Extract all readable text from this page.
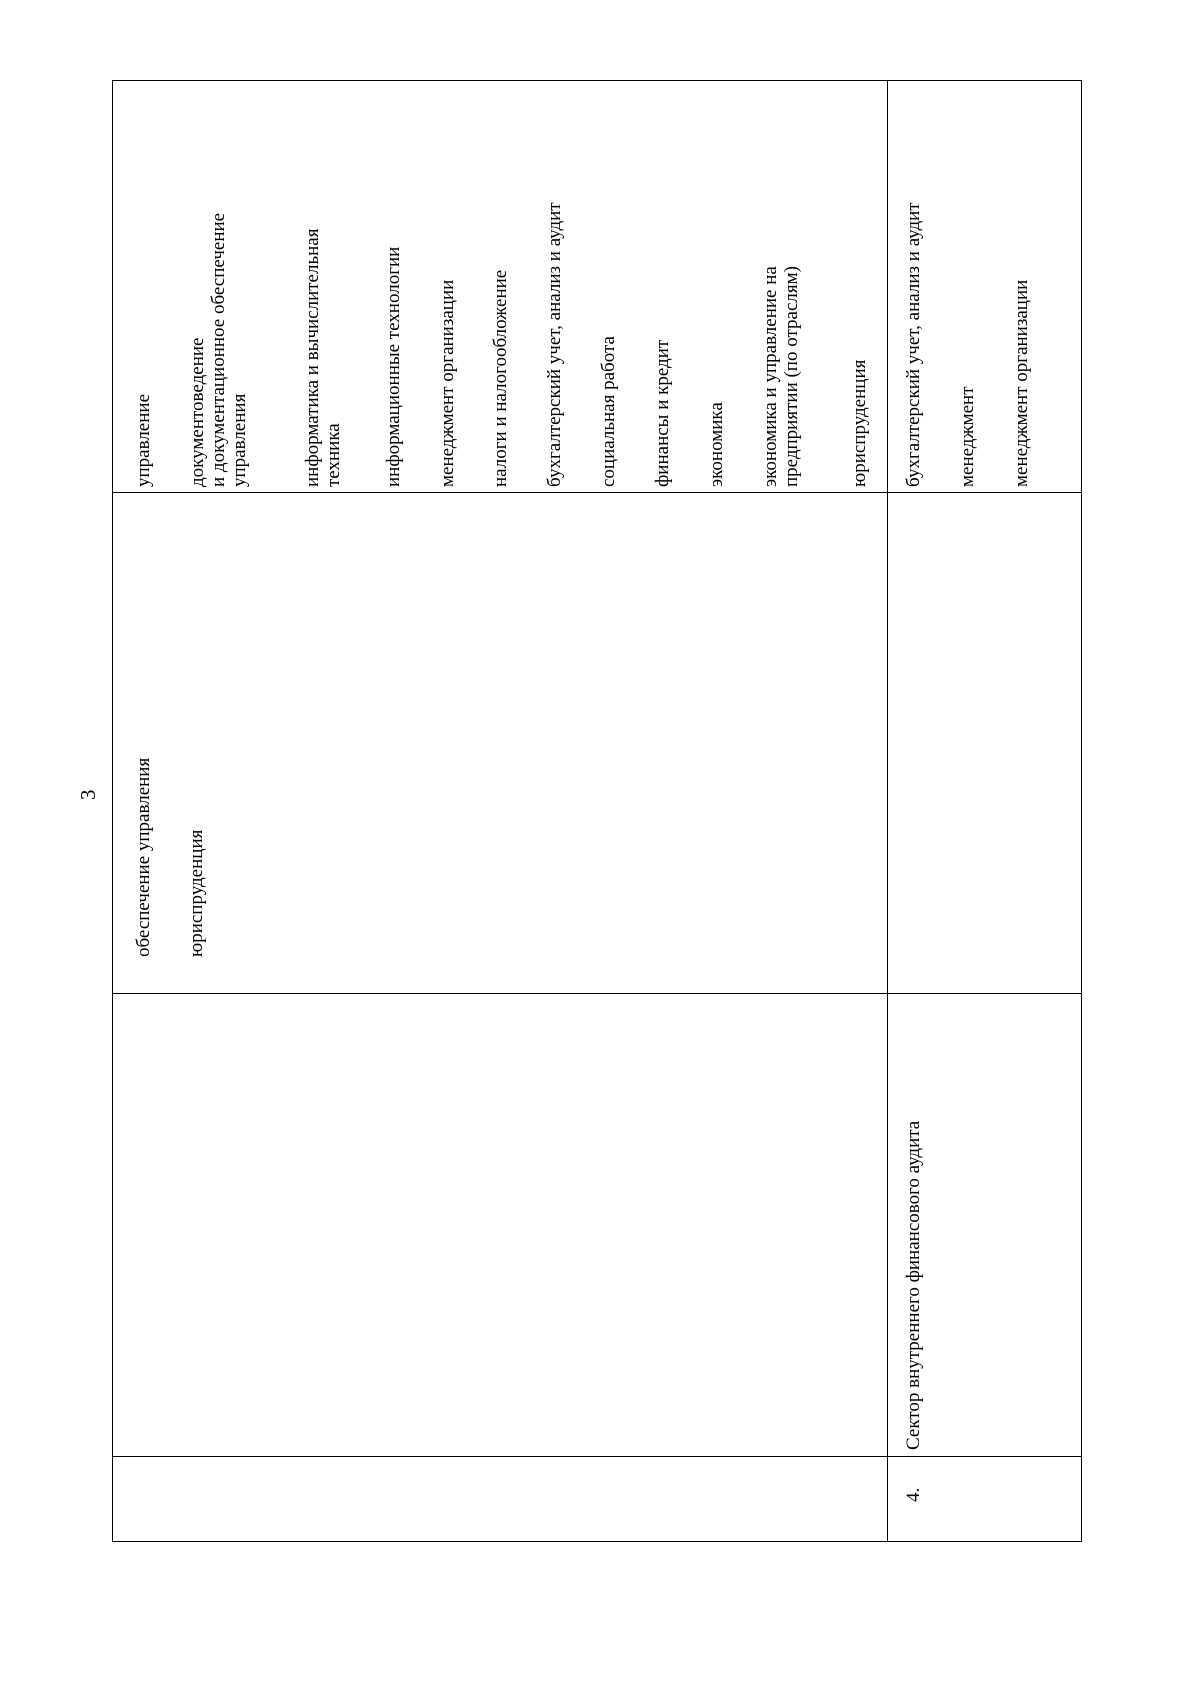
3 обеспечение управления юриспруденция
управление документоведение и документационное обеспечение управления	информатика и вычислительная техника информационные технологии менеджмент организации налоги и налогообложение бухгалтерский учет, анализ и аудит социальная работа финансы и кредит экономика экономика и управление на предприятии (по отраслям) юриспруденция
4.
Сектор внутреннего финансового аудита
бухгалтерский учет, анализ и аудит менеджмент менеджмент организации
